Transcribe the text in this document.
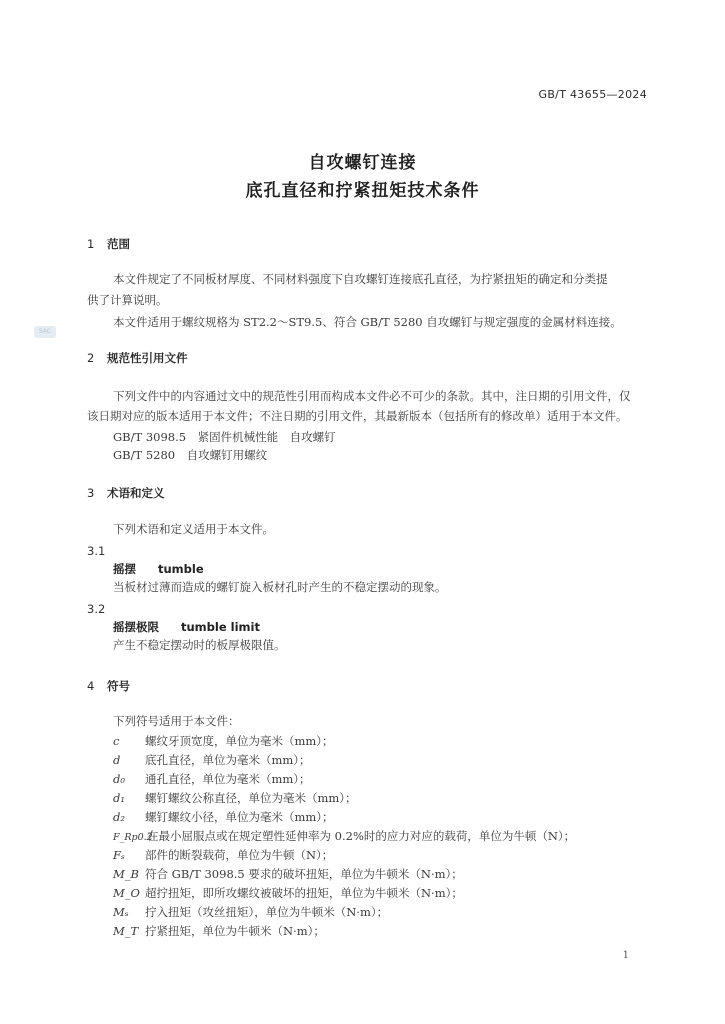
GB/T 43655—2024
SAC
自攻螺钉连接
底孔直径和拧紧扭矩技术条件
1 范围
本文件规定了不同板材厚度、不同材料强度下自攻螺钉连接底孔直径，为拧紧扭矩的确定和分类提
供了计算说明。
本文件适用于螺纹规格为 ST2.2～ST9.5、符合 GB/T 5280 自攻螺钉与规定强度的金属材料连接。
2 规范性引用文件
下列文件中的内容通过文中的规范性引用而构成本文件必不可少的条款。其中，注日期的引用文件，仅
该日期对应的版本适用于本文件；不注日期的引用文件，其最新版本（包括所有的修改单）适用于本文件。
GB/T 3098.5　紧固件机械性能　自攻螺钉
GB/T 5280　自攻螺钉用螺纹
3 术语和定义
下列术语和定义适用于本文件。
3.1
摇摆 tumble
当板材过薄而造成的螺钉旋入板材孔时产生的不稳定摆动的现象。
3.2
摇摆极限 tumble limit
产生不稳定摆动时的板厚极限值。
4 符号
下列符号适用于本文件：
c 螺纹牙顶宽度，单位为毫米（mm）；
d 底孔直径，单位为毫米（mm）；
d₀ 通孔直径，单位为毫米（mm）；
d₁ 螺钉螺纹公称直径，单位为毫米（mm）；
d₂ 螺钉螺纹小径，单位为毫米（mm）；
F_Rp0.2在最小屈服点或在规定塑性延伸率为 0.2%时的应力对应的载荷，单位为牛顿（N）；
Fₛ 部件的断裂载荷，单位为牛顿（N）；
M_B 符合 GB/T 3098.5 要求的破坏扭矩，单位为牛顿米（N·m）；
M_O 超拧扭矩，即所攻螺纹被破坏的扭矩，单位为牛顿米（N·m）；
Mₛ 拧入扭矩（攻丝扭矩），单位为牛顿米（N·m）；
M_T 拧紧扭矩，单位为牛顿米（N·m）；
1
